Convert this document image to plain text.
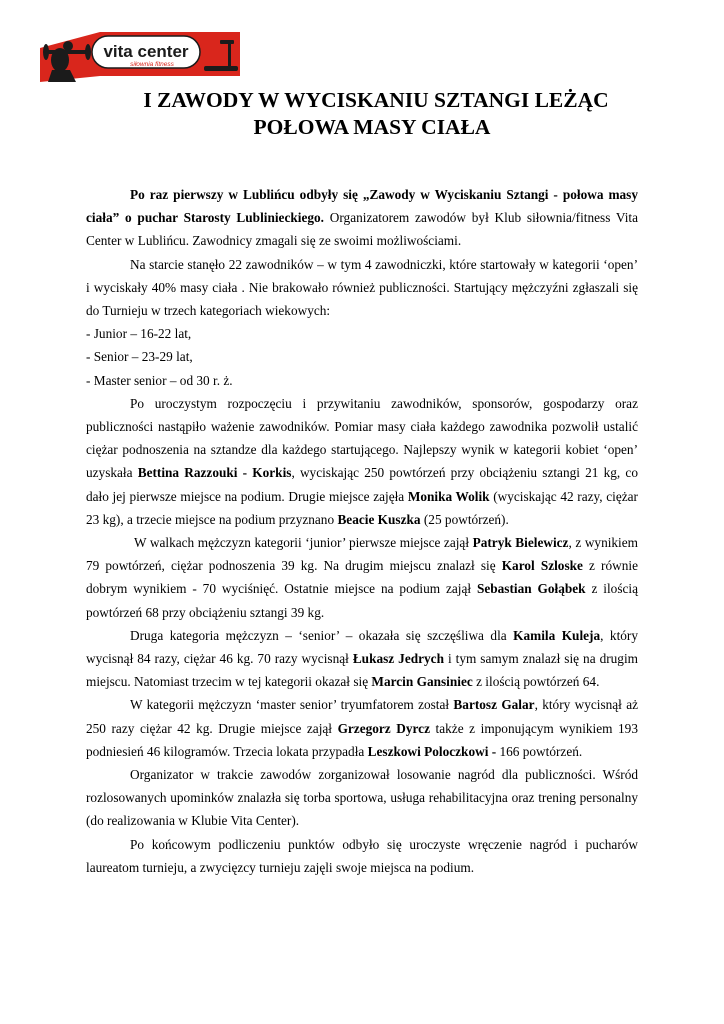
vita center
siłownia fitness
www.vitacenter.pl
I ZAWODY W WYCISKANIU SZTANGI LEŻĄC
POŁOWA MASY CIAŁA

Po raz pierwszy w Lublińcu odbyły się „Zawody w Wyciskaniu Sztangi - połowa masy ciała” o puchar Starosty Lublinieckiego. Organizatorem zawodów był Klub siłownia/fitness Vita Center w Lublińcu. Zawodnicy zmagali się ze swoimi możliwościami.

Na starcie stanęło 22 zawodników – w tym 4 zawodniczki, które startowały w kategorii ‘open’ i wyciskały 40% masy ciała . Nie brakowało również publiczności. Startujący mężczyźni zgłaszali się do Turnieju w trzech kategoriach wiekowych:

- Junior – 16-22 lat,

- Senior – 23-29 lat,

- Master senior – od 30 r. ż.

Po uroczystym rozpoczęciu i przywitaniu zawodników, sponsorów, gospodarzy oraz publiczności nastąpiło ważenie zawodników. Pomiar masy ciała każdego zawodnika pozwolił ustalić ciężar podnoszenia na sztandze dla każdego startującego. Najlepszy wynik w kategorii kobiet ‘open’ uzyskała Bettina Razzouki - Korkis, wyciskając 250 powtórzeń przy obciążeniu sztangi 21 kg, co dało jej pierwsze miejsce na podium. Drugie miejsce zajęła Monika Wolik (wyciskając 42 razy, ciężar 23 kg), a trzecie miejsce na podium przyznano Beacie Kuszka (25 powtórzeń).

W walkach mężczyzn kategorii ‘junior’ pierwsze miejsce zajął Patryk Bielewicz, z wynikiem 79 powtórzeń, ciężar podnoszenia 39 kg. Na drugim miejscu znalazł się Karol Szloske z równie dobrym wynikiem - 70 wyciśnięć. Ostatnie miejsce na podium zajął Sebastian Gołąbek z ilością powtórzeń 68 przy obciążeniu sztangi 39 kg.

Druga kategoria mężczyzn – ‘senior’ – okazała się szczęśliwa dla Kamila Kuleja, który wycisnął 84 razy, ciężar 46 kg. 70 razy wycisnął Łukasz Jedrych i tym samym znalazł się na drugim miejscu. Natomiast trzecim w tej kategorii okazał się Marcin Gansiniec z ilością powtórzeń 64.

W kategorii mężczyzn ‘master senior’ tryumfatorem został Bartosz Galar, który wycisnął aż 250 razy ciężar 42 kg. Drugie miejsce zajął Grzegorz Dyrcz także z imponującym wynikiem 193 podniesień 46 kilogramów. Trzecia lokata przypadła Leszkowi Poloczkowi - 166 powtórzeń.

Organizator w trakcie zawodów zorganizował losowanie nagród dla publiczności. Wśród rozlosowanych upominków znalazła się torba sportowa, usługa rehabilitacyjna oraz trening personalny (do realizowania w Klubie Vita Center).

Po końcowym podliczeniu punktów odbyło się uroczyste wręczenie nagród i pucharów laureatom turnieju, a zwycięzcy turnieju zajęli swoje miejsca na podium.
